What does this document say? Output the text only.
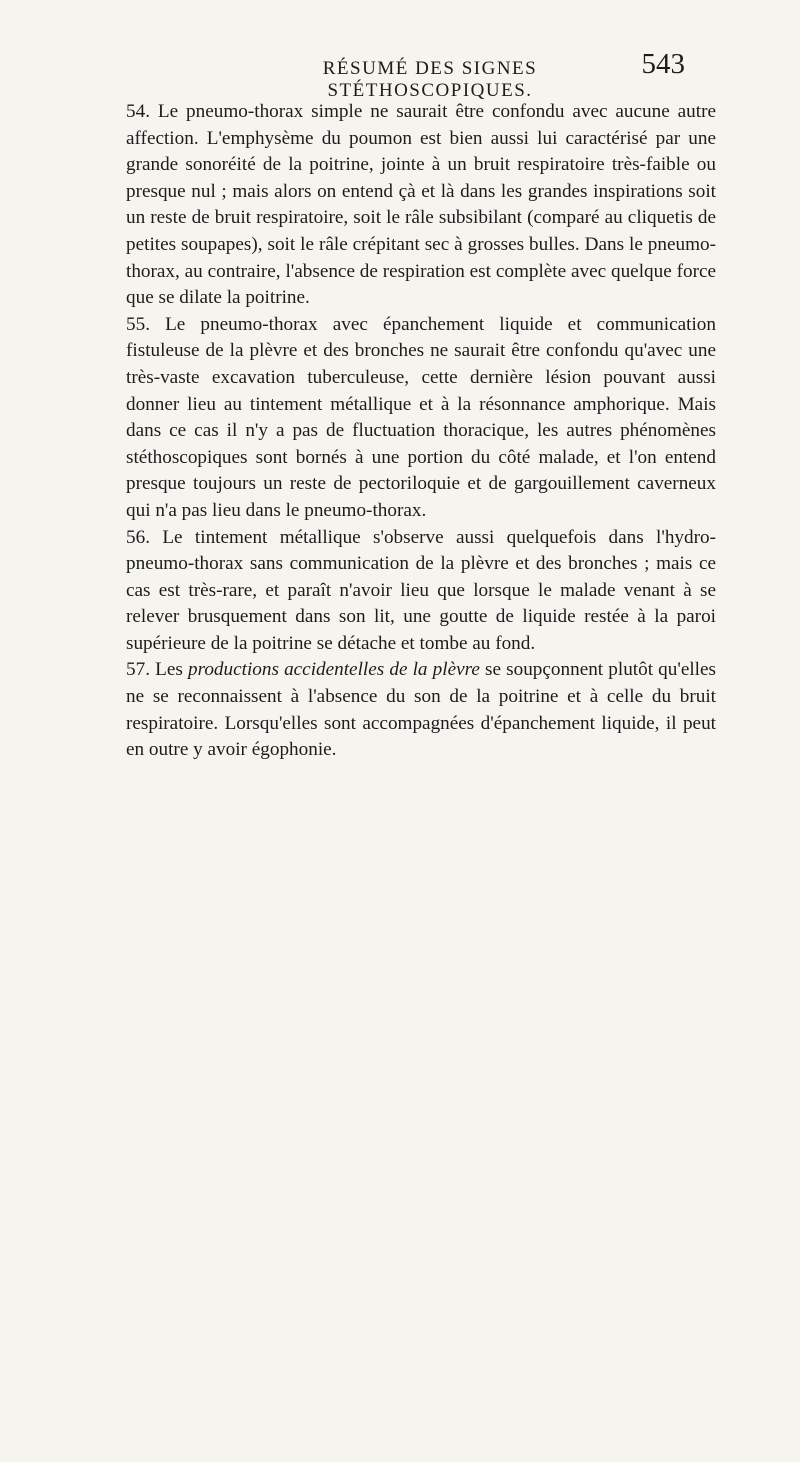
RÉSUMÉ DES SIGNES STÉTHOSCOPIQUES.
543

54. Le pneumo-thorax simple ne saurait être confondu avec aucune autre affection. L'emphysème du poumon est bien aussi lui caractérisé par une grande sonoréité de la poitrine, jointe à un bruit respiratoire très-faible ou presque nul ; mais alors on entend çà et là dans les grandes inspirations soit un reste de bruit respiratoire, soit le râle subsibilant (comparé au cliquetis de petites soupapes), soit le râle crépitant sec à grosses bulles. Dans le pneumo-thorax, au contraire, l'absence de respiration est complète avec quelque force que se dilate la poitrine.

55. Le pneumo-thorax avec épanchement liquide et communication fistuleuse de la plèvre et des bronches ne saurait être confondu qu'avec une très-vaste excavation tuberculeuse, cette dernière lésion pouvant aussi donner lieu au tintement métallique et à la résonnance amphorique. Mais dans ce cas il n'y a pas de fluctuation thoracique, les autres phénomènes stéthoscopiques sont bornés à une portion du côté malade, et l'on entend presque toujours un reste de pectoriloquie et de gargouillement caverneux qui n'a pas lieu dans le pneumo-thorax.

56. Le tintement métallique s'observe aussi quelquefois dans l'hydro-pneumo-thorax sans communication de la plèvre et des bronches ; mais ce cas est très-rare, et paraît n'avoir lieu que lorsque le malade venant à se relever brusquement dans son lit, une goutte de liquide restée à la paroi supérieure de la poitrine se détache et tombe au fond.

57. Les productions accidentelles de la plèvre se soupçonnent plutôt qu'elles ne se reconnaissent à l'absence du son de la poitrine et à celle du bruit respiratoire. Lorsqu'elles sont accompagnées d'épanchement liquide, il peut en outre y avoir égophonie.
